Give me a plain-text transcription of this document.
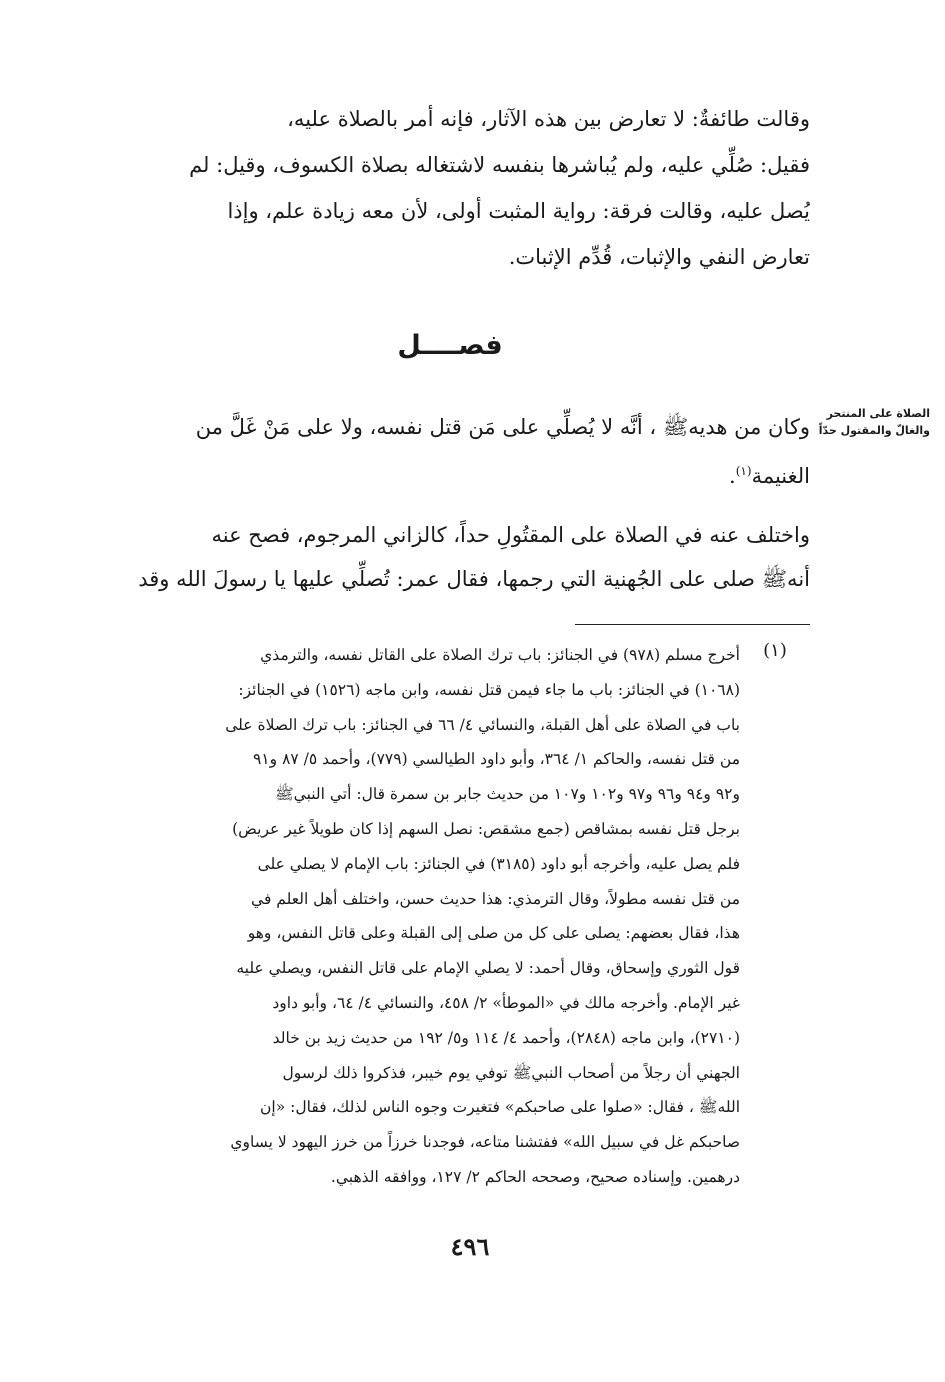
وقالت طائفةٌ: لا تعارض بين هذه الآثار، فإنه أمر بالصلاة عليه،
فقيل: صُلِّي عليه، ولم يُباشرها بنفسه لاشتغاله بصلاة الكسوف، وقيل: لم
يُصل عليه، وقالت فرقة: رواية المثبت أولى، لأن معه زيادة علم، وإذا
تعارض النفي والإثبات، قُدِّم الإثبات.
فصــــل
الصلاة على المنتحر
والغالّ والمقتول حدّاً
وكان من هديهﷺ ، أنَّه لا يُصلِّي على مَن قتل نفسه، ولا على مَنْ غَلَّ من
الغنيمة$^{(١)}$.
واختلف عنه في الصلاة على المقتُولِ حداً، كالزاني المرجوم، فصح عنه
أنهﷺ صلى على الجُهنية التي رجمها، فقال عمر: تُصلِّي عليها يا رسولَ الله وقد
(١)
أخرج مسلم (٩٧٨) في الجنائز: باب ترك الصلاة على القاتل نفسه، والترمذي
(١٠٦٨) في الجنائز: باب ما جاء فيمن قتل نفسه، وابن ماجه (١٥٢٦) في الجنائز:
باب في الصلاة على أهل القبلة، والنسائي ٤/ ٦٦ في الجنائز: باب ترك الصلاة على
من قتل نفسه، والحاكم ١/ ٣٦٤، وأبو داود الطيالسي (٧٧٩)، وأحمد ٥/ ٨٧ و٩١
و٩٢ و٩٤ و٩٦ و٩٧ و١٠٢ و١٠٧ من حديث جابر بن سمرة قال: أتي النبيﷺ
برجل قتل نفسه بمشاقص (جمع مشقص: نصل السهم إذا كان طويلاً غير عريض)
فلم يصل عليه، وأخرجه أبو داود (٣١٨٥) في الجنائز: باب الإمام لا يصلي على
من قتل نفسه مطولاً، وقال الترمذي: هذا حديث حسن، واختلف أهل العلم في
هذا، فقال بعضهم: يصلى على كل من صلى إلى القبلة وعلى قاتل النفس، وهو
قول الثوري وإسحاق، وقال أحمد: لا يصلي الإمام على قاتل النفس، ويصلي عليه
غير الإمام. وأخرجه مالك في «الموطأ» ٢/ ٤٥٨، والنسائي ٤/ ٦٤، وأبو داود
(٢٧١٠)، وابن ماجه (٢٨٤٨)، وأحمد ٤/ ١١٤ و٥/ ١٩٢ من حديث زيد بن خالد
الجهني أن رجلاً من أصحاب النبيﷺ توفي يوم خيبر، فذكروا ذلك لرسول
اللهﷺ ، فقال: «صلوا على صاحبكم» فتغيرت وجوه الناس لذلك، فقال: «إن
صاحبكم غل في سبيل الله» ففتشنا متاعه، فوجدنا خرزاً من خرز اليهود لا يساوي
درهمين. وإسناده صحيح، وصححه الحاكم ٢/ ١٢٧، ووافقه الذهبي.
٤٩٦
